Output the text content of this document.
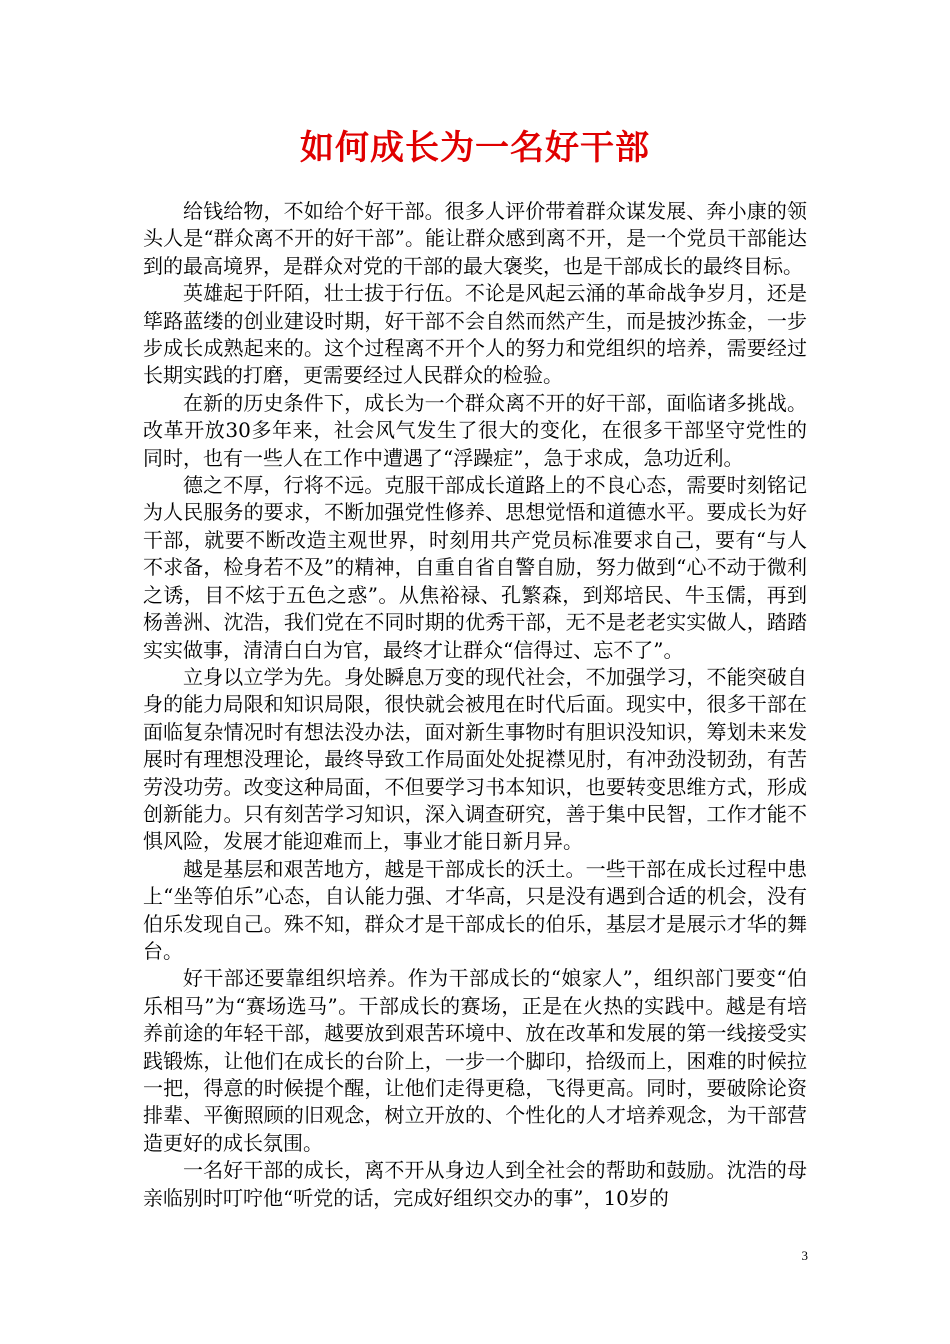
如何成长为一名好干部

给钱给物，不如给个好干部。很多人评价带着群众谋发展、奔小康的领头人是“群众离不开的好干部”。能让群众感到离不开，是一个党员干部能达到的最高境界，是群众对党的干部的最大褒奖，也是干部成长的最终目标。

英雄起于阡陌，壮士拔于行伍。不论是风起云涌的革命战争岁月，还是筚路蓝缕的创业建设时期，好干部不会自然而然产生，而是披沙拣金，一步步成长成熟起来的。这个过程离不开个人的努力和党组织的培养，需要经过长期实践的打磨，更需要经过人民群众的检验。

在新的历史条件下，成长为一个群众离不开的好干部，面临诸多挑战。改革开放30多年来，社会风气发生了很大的变化，在很多干部坚守党性的同时，也有一些人在工作中遭遇了“浮躁症”，急于求成，急功近利。

德之不厚，行将不远。克服干部成长道路上的不良心态，需要时刻铭记为人民服务的要求，不断加强党性修养、思想觉悟和道德水平。要成长为好干部，就要不断改造主观世界，时刻用共产党员标准要求自己，要有“与人不求备，检身若不及”的精神，自重自省自警自励，努力做到“心不动于微利之诱，目不炫于五色之惑”。从焦裕禄、孔繁森，到郑培民、牛玉儒，再到杨善洲、沈浩，我们党在不同时期的优秀干部，无不是老老实实做人，踏踏实实做事，清清白白为官，最终才让群众“信得过、忘不了”。

立身以立学为先。身处瞬息万变的现代社会，不加强学习，不能突破自身的能力局限和知识局限，很快就会被甩在时代后面。现实中，很多干部在面临复杂情况时有想法没办法，面对新生事物时有胆识没知识，筹划未来发展时有理想没理论，最终导致工作局面处处捉襟见肘，有冲劲没韧劲，有苦劳没功劳。改变这种局面，不但要学习书本知识，也要转变思维方式，形成创新能力。只有刻苦学习知识，深入调查研究，善于集中民智，工作才能不惧风险，发展才能迎难而上，事业才能日新月异。

越是基层和艰苦地方，越是干部成长的沃土。一些干部在成长过程中患上“坐等伯乐”心态，自认能力强、才华高，只是没有遇到合适的机会，没有伯乐发现自己。殊不知，群众才是干部成长的伯乐，基层才是展示才华的舞台。

好干部还要靠组织培养。作为干部成长的“娘家人”，组织部门要变“伯乐相马”为“赛场选马”。干部成长的赛场，正是在火热的实践中。越是有培养前途的年轻干部，越要放到艰苦环境中、放在改革和发展的第一线接受实践锻炼，让他们在成长的台阶上，一步一个脚印，拾级而上，困难的时候拉一把，得意的时候提个醒，让他们走得更稳，飞得更高。同时，要破除论资排辈、平衡照顾的旧观念，树立开放的、个性化的人才培养观念，为干部营造更好的成长氛围。

一名好干部的成长，离不开从身边人到全社会的帮助和鼓励。沈浩的母亲临别时叮咛他“听党的话，完成好组织交办的事”，10岁的

3
